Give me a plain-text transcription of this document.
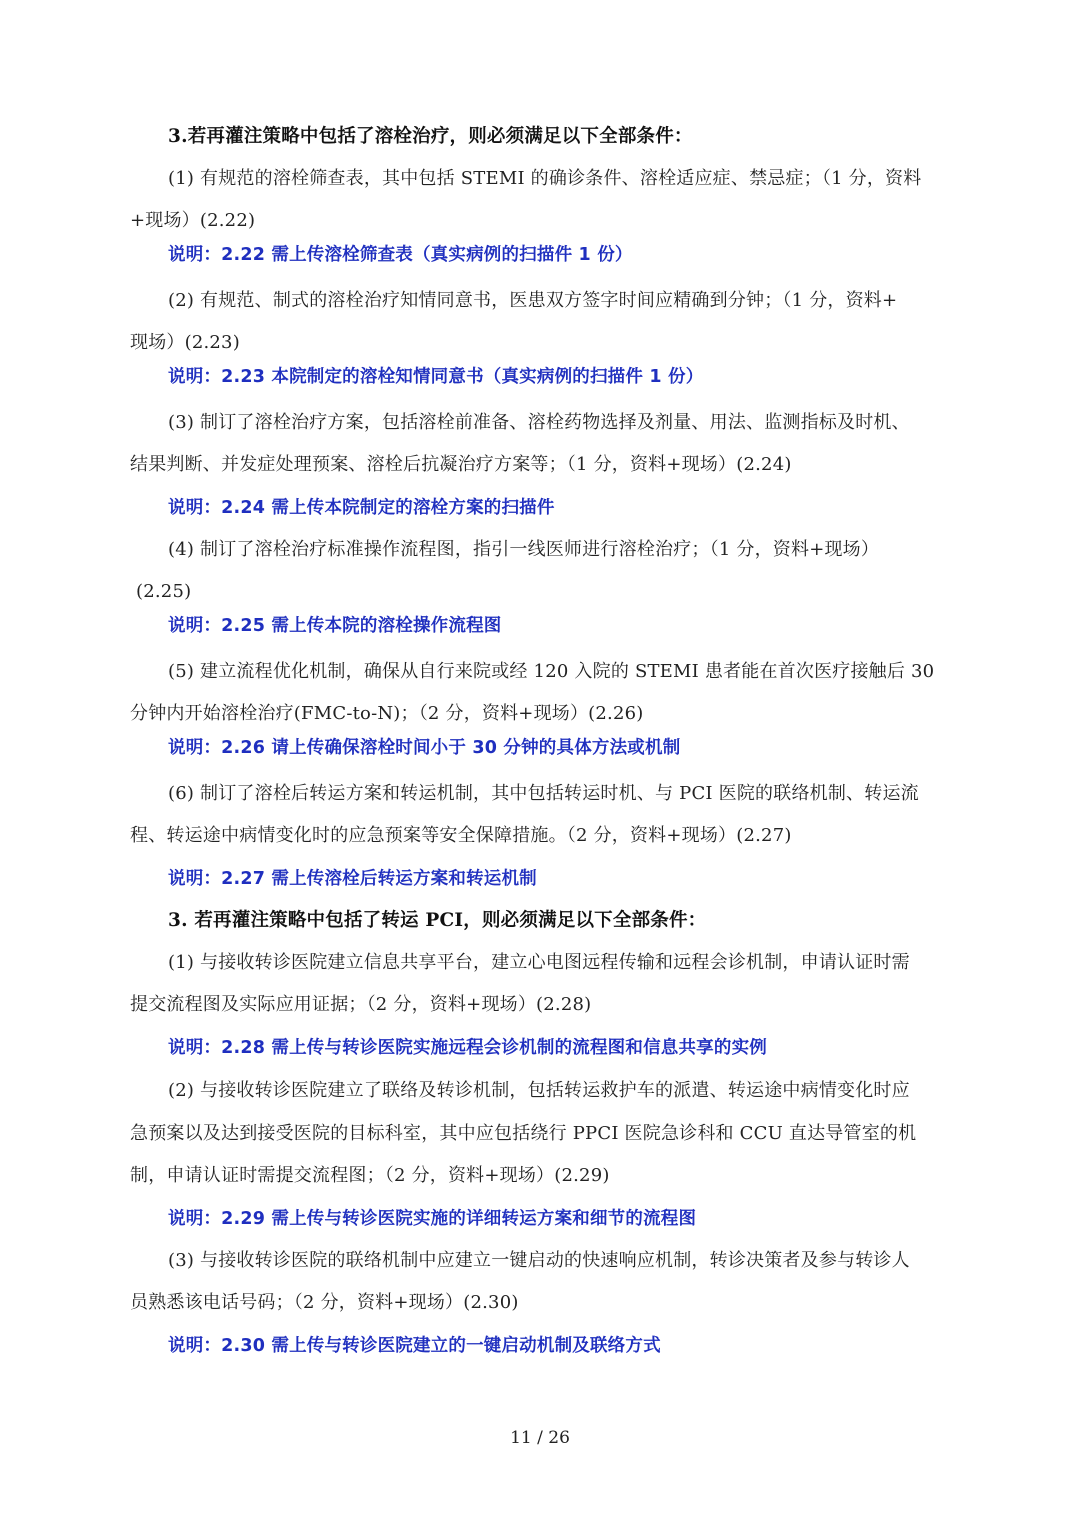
3.若再灌注策略中包括了溶栓治疗，则必须满足以下全部条件：
(1) 有规范的溶栓筛查表，其中包括 STEMI 的确诊条件、溶栓适应症、禁忌症；（1 分，资料
+现场）(2.22)
说明：2.22 需上传溶栓筛查表（真实病例的扫描件 1 份）
(2) 有规范、制式的溶栓治疗知情同意书，医患双方签字时间应精确到分钟；（1 分，资料+
现场）(2.23)
说明：2.23 本院制定的溶栓知情同意书（真实病例的扫描件 1 份）
(3) 制订了溶栓治疗方案，包括溶栓前准备、溶栓药物选择及剂量、用法、监测指标及时机、
结果判断、并发症处理预案、溶栓后抗凝治疗方案等；（1 分，资料+现场）(2.24)
说明：2.24 需上传本院制定的溶栓方案的扫描件
(4) 制订了溶栓治疗标准操作流程图，指引一线医师进行溶栓治疗；（1 分，资料+现场）
(2.25)
说明：2.25 需上传本院的溶栓操作流程图
(5) 建立流程优化机制，确保从自行来院或经 120 入院的 STEMI 患者能在首次医疗接触后 30
分钟内开始溶栓治疗(FMC-to-N)；（2 分，资料+现场）(2.26)
说明：2.26 请上传确保溶栓时间小于 30 分钟的具体方法或机制
(6) 制订了溶栓后转运方案和转运机制，其中包括转运时机、与 PCI 医院的联络机制、转运流
程、转运途中病情变化时的应急预案等安全保障措施。（2 分，资料+现场）(2.27)
说明：2.27 需上传溶栓后转运方案和转运机制
3. 若再灌注策略中包括了转运 PCI，则必须满足以下全部条件：
(1) 与接收转诊医院建立信息共享平台，建立心电图远程传输和远程会诊机制，申请认证时需
提交流程图及实际应用证据；（2 分，资料+现场）(2.28)
说明：2.28 需上传与转诊医院实施远程会诊机制的流程图和信息共享的实例
(2) 与接收转诊医院建立了联络及转诊机制，包括转运救护车的派遣、转运途中病情变化时应
急预案以及达到接受医院的目标科室，其中应包括绕行 PPCI 医院急诊科和 CCU 直达导管室的机
制，申请认证时需提交流程图；（2 分，资料+现场）(2.29)
说明：2.29 需上传与转诊医院实施的详细转运方案和细节的流程图
(3) 与接收转诊医院的联络机制中应建立一键启动的快速响应机制，转诊决策者及参与转诊人
员熟悉该电话号码；（2 分，资料+现场）(2.30)
说明：2.30 需上传与转诊医院建立的一键启动机制及联络方式
11 / 26
